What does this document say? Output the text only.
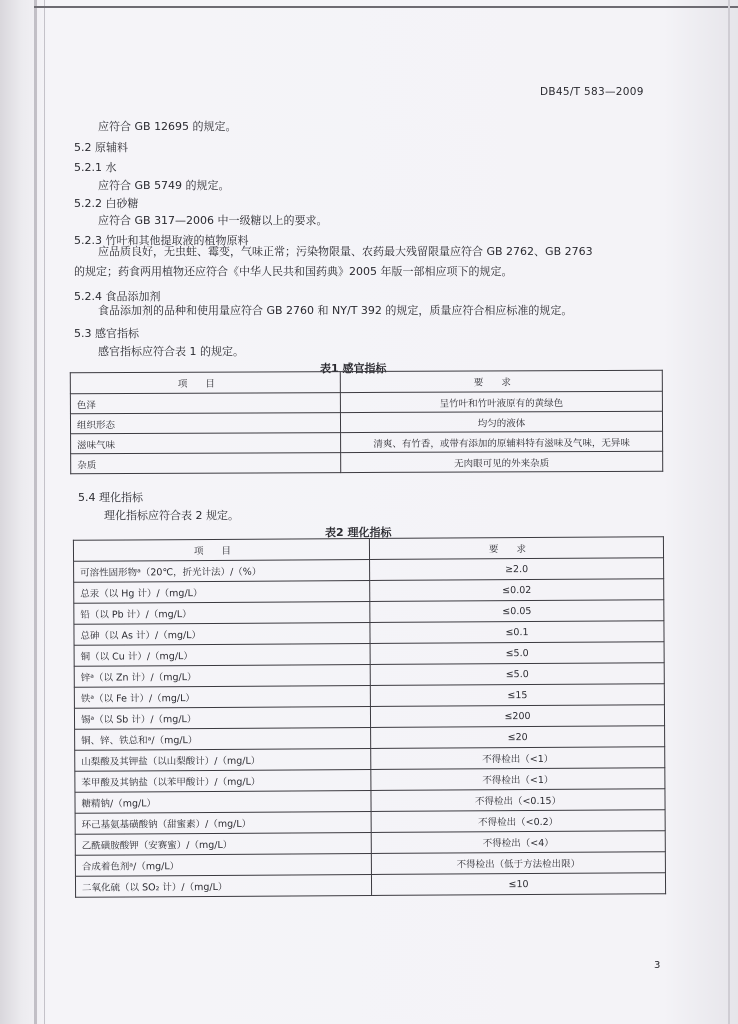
DB45/T 583—2009
应符合 GB 12695 的规定。
5.2 原辅料
5.2.1 水
应符合 GB 5749 的规定。
5.2.2 白砂糖
应符合 GB 317—2006 中一级糖以上的要求。
5.2.3 竹叶和其他提取液的植物原料
应品质良好，无虫蛀、霉变，气味正常；污染物限量、农药最大残留限量应符合 GB 2762、GB 2763
的规定；药食两用植物还应符合《中华人民共和国药典》2005 年版一部相应项下的规定。
5.2.4 食品添加剂
食品添加剂的品种和使用量应符合 GB 2760 和 NY/T 392 的规定，质量应符合相应标准的规定。
5.3 感官指标
感官指标应符合表 1 的规定。
表1 感官指标
项目	要求
色泽	呈竹叶和竹叶液原有的黄绿色
组织形态	均匀的液体
滋味气味	清爽、有竹香，或带有添加的原辅料特有滋味及气味，无异味
杂质	无肉眼可见的外来杂质
5.4 理化指标
理化指标应符合表 2 规定。
表2 理化指标
项目	要求
可溶性固形物ᵃ（20℃，折光计法）/（%）	≥2.0
总汞（以 Hg 计）/（mg/L）	≤0.02
铅（以 Pb 计）/（mg/L）	≤0.05
总砷（以 As 计）/（mg/L）	≤0.1
铜（以 Cu 计）/（mg/L）	≤5.0
锌ᵃ（以 Zn 计）/（mg/L）	≤5.0
铁ᵃ（以 Fe 计）/（mg/L）	≤15
锡ᵃ（以 Sb 计）/（mg/L）	≤200
铜、锌、铁总和ᵃ/（mg/L）	≤20
山梨酸及其钾盐（以山梨酸计）/（mg/L）	不得检出（<1）
苯甲酸及其钠盐（以苯甲酸计）/（mg/L）	不得检出（<1）
糖精钠/（mg/L）	不得检出（<0.15）
环己基氨基磺酸钠（甜蜜素）/（mg/L）	不得检出（<0.2）
乙酰磺胺酸钾（安赛蜜）/（mg/L）	不得检出（<4）
合成着色剂ᵃ/（mg/L）	不得检出（低于方法检出限）
二氧化硫（以 SO₂ 计）/（mg/L）	≤10
3
